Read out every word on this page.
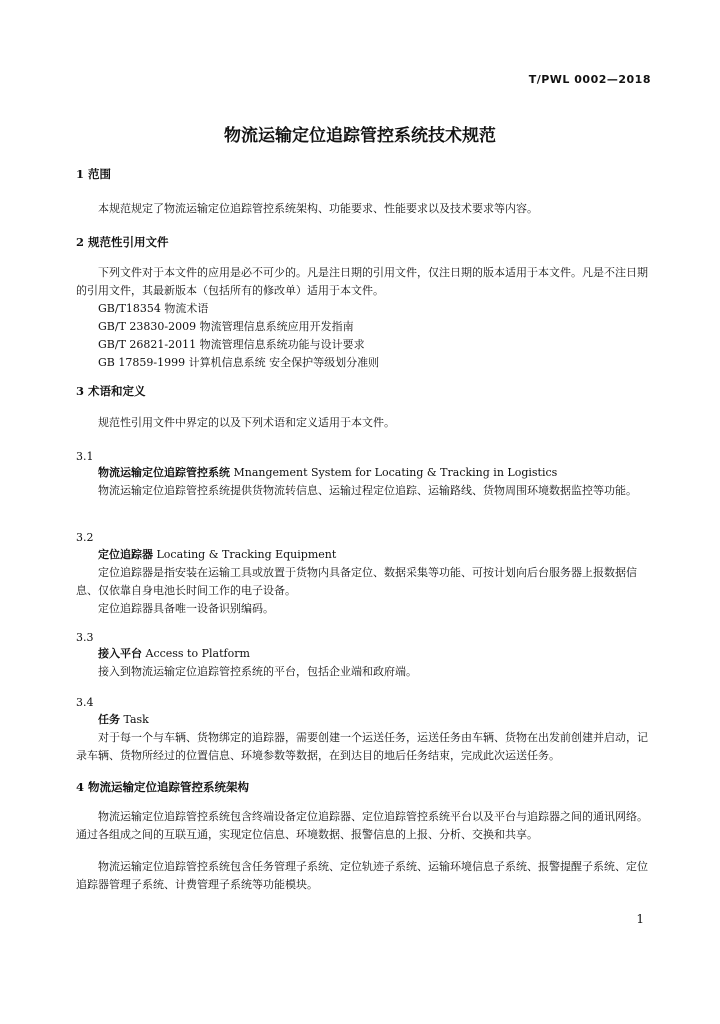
T/PWL 0002—2018
物流运输定位追踪管控系统技术规范
1 范围

本规范规定了物流运输定位追踪管控系统架构、功能要求、性能要求以及技术要求等内容。

2 规范性引用文件

下列文件对于本文件的应用是必不可少的。凡是注日期的引用文件，仅注日期的版本适用于本文件。凡是不注日期的引用文件，其最新版本（包括所有的修改单）适用于本文件。

GB/T18354 物流术语
GB/T 23830-2009 物流管理信息系统应用开发指南
GB/T 26821-2011 物流管理信息系统功能与设计要求
GB 17859-1999 计算机信息系统 安全保护等级划分准则
3 术语和定义

规范性引用文件中界定的以及下列术语和定义适用于本文件。

3.1
物流运输定位追踪管控系统 Mnangement System for Locating & Tracking in Logistics

物流运输定位追踪管控系统提供货物流转信息、运输过程定位追踪、运输路线、货物周围环境数据监控等功能。

3.2
定位追踪器 Locating & Tracking Equipment

定位追踪器是指安装在运输工具或放置于货物内具备定位、数据采集等功能、可按计划向后台服务器上报数据信息、仅依靠自身电池长时间工作的电子设备。

定位追踪器具备唯一设备识别编码。

3.3
接入平台 Access to Platform

接入到物流运输定位追踪管控系统的平台，包括企业端和政府端。

3.4
任务 Task

对于每一个与车辆、货物绑定的追踪器，需要创建一个运送任务，运送任务由车辆、货物在出发前创建并启动，记录车辆、货物所经过的位置信息、环境参数等数据，在到达目的地后任务结束，完成此次运送任务。

4 物流运输定位追踪管控系统架构

物流运输定位追踪管控系统包含终端设备定位追踪器、定位追踪管控系统平台以及平台与追踪器之间的通讯网络。通过各组成之间的互联互通，实现定位信息、环境数据、报警信息的上报、分析、交换和共享。

物流运输定位追踪管控系统包含任务管理子系统、定位轨迹子系统、运输环境信息子系统、报警提醒子系统、定位追踪器管理子系统、计费管理子系统等功能模块。

1
